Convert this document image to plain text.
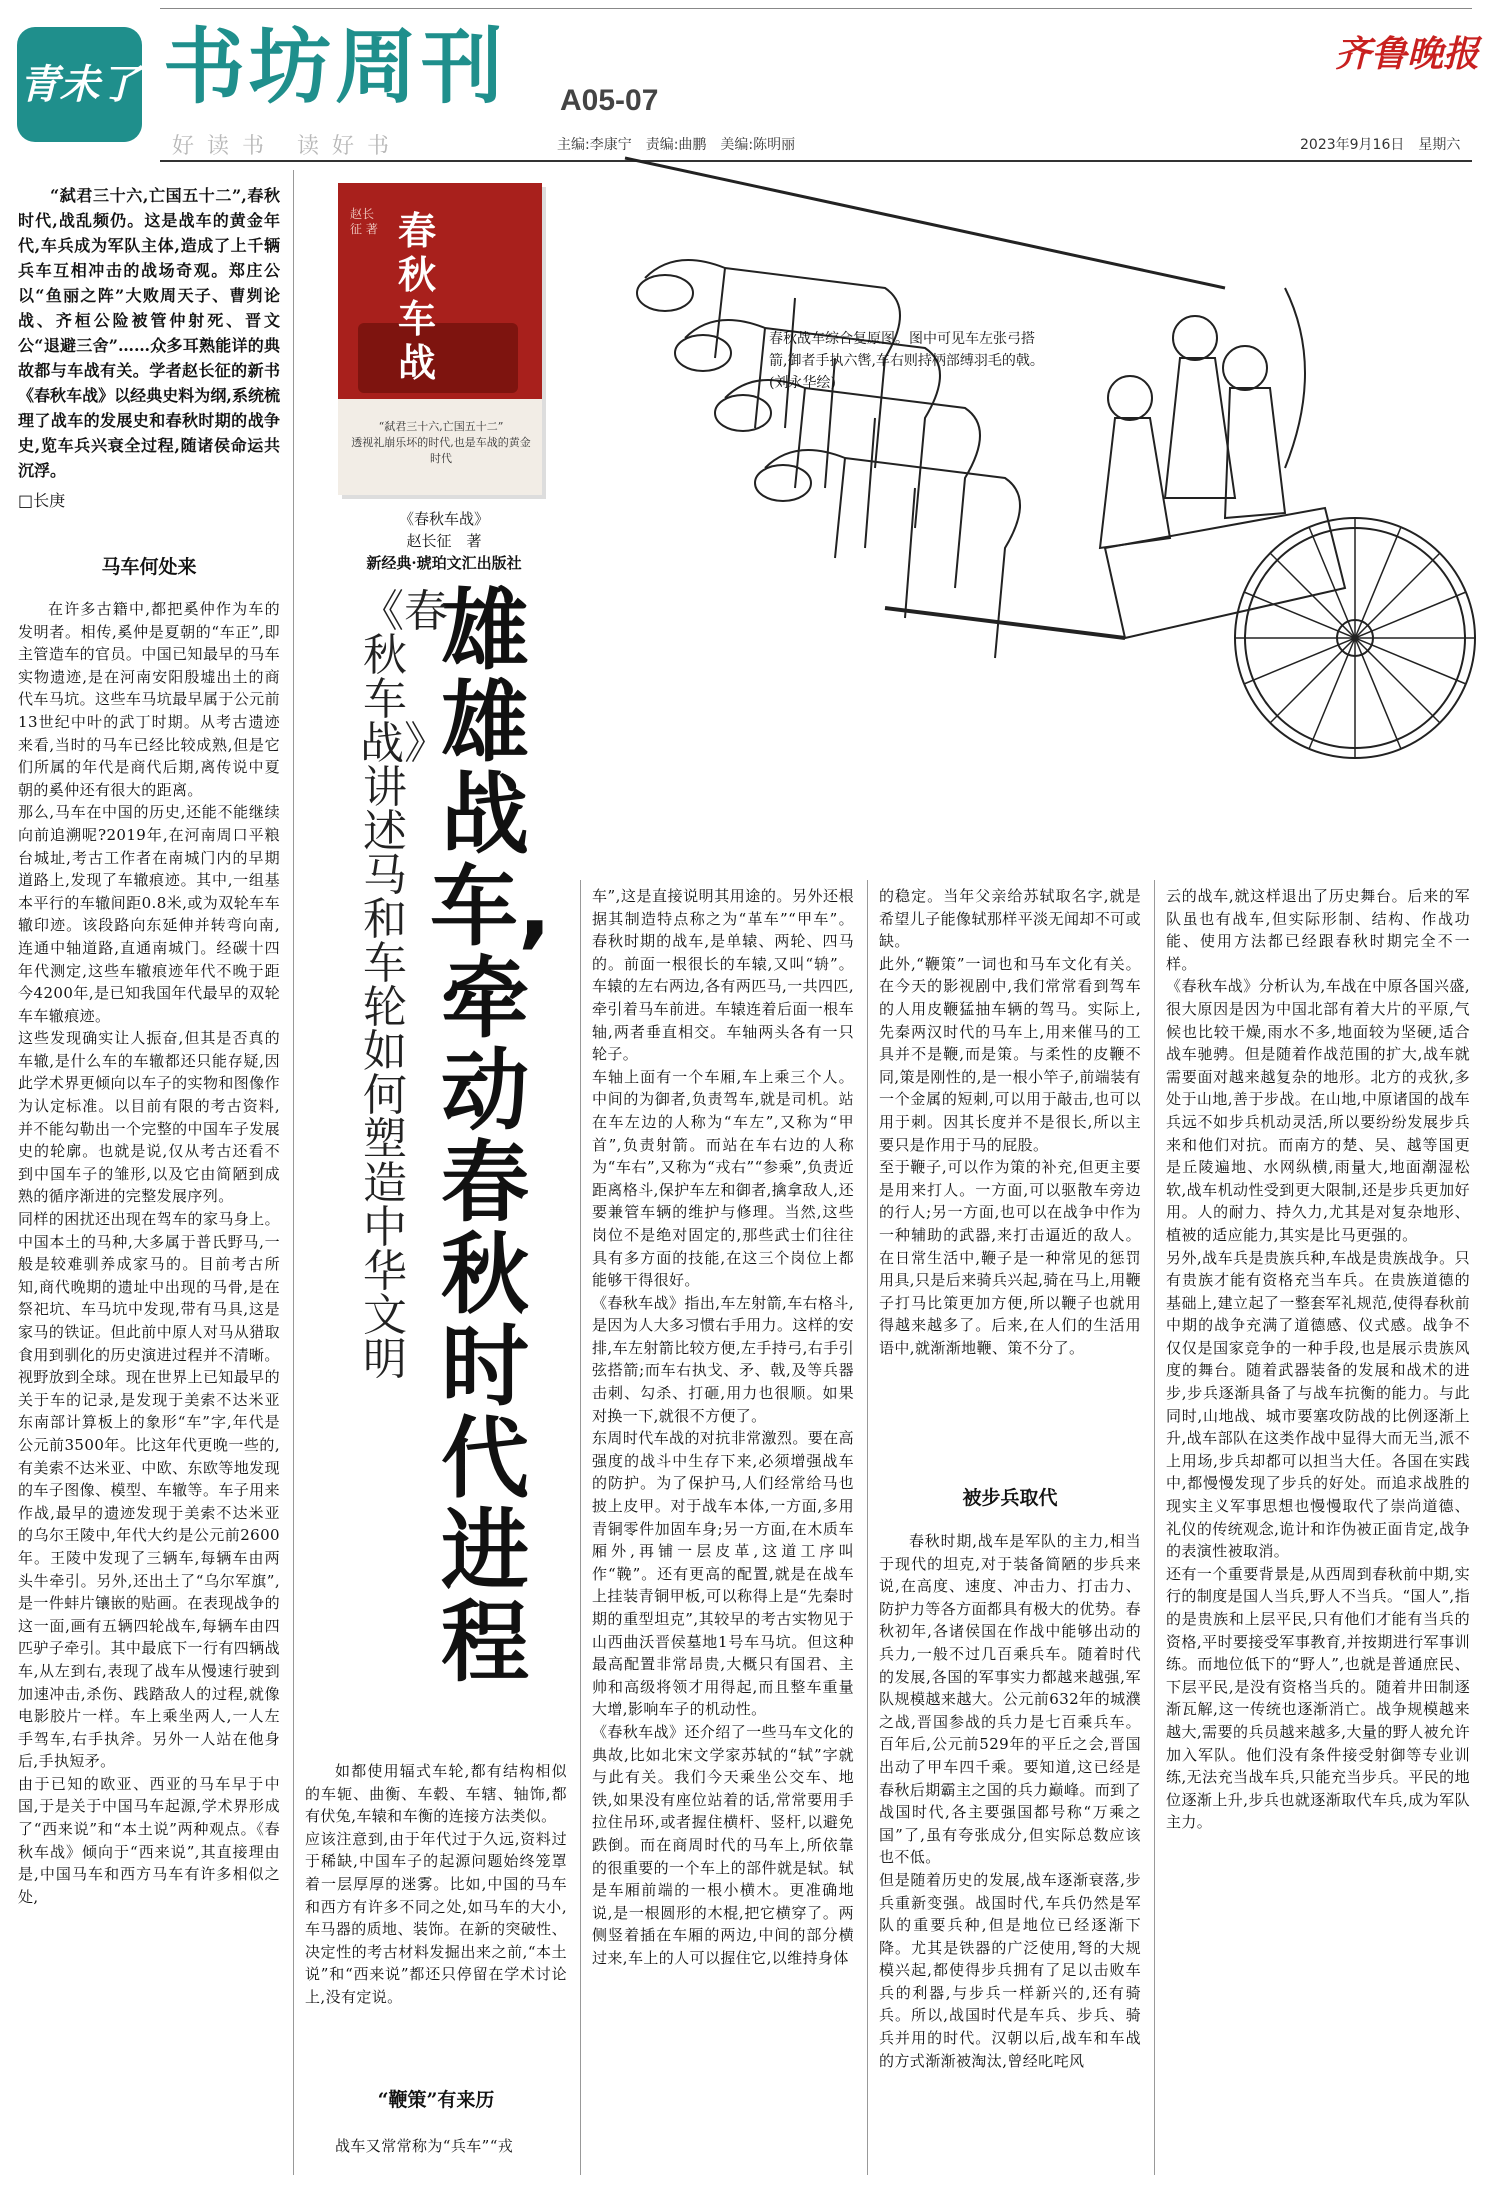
青未了 书坊周刊 A05-07
齐鲁晚报
好读书 读好书	主编:李康宁　责编:曲鹏　美编:陈明丽	2023年9月16日　星期六

“弑君三十六,亡国五十二”,春秋时代,战乱频仍。这是战车的黄金年代,车兵成为军队主体,造成了上千辆兵车互相冲击的战场奇观。郑庄公以“鱼丽之阵”大败周天子、曹刿论战、齐桓公险被管仲射死、晋文公“退避三舍”……众多耳熟能详的典故都与车战有关。学者赵长征的新书《春秋车战》以经典史料为纲,系统梳理了战车的发展史和春秋时期的战争史,览车兵兴衰全过程,随诸侯命运共沉浮。

□长庚
赵长征 著 春秋车战
“弑君三十六,亡国五十二”
透视礼崩乐坏的时代,也是车战的黄金时代
《春秋车战》
赵长征　著
新经典·琥珀文汇出版社
雄雄战车,牵动春秋时代进程
《春秋车战》讲述马和车轮如何塑造中华文明
春秋战车综合复原图。图中可见车左张弓搭箭,御者手执六辔,车右则持柄部缚羽毛的戟。　　　　　(刘永华绘)
马车何处来
在许多古籍中,都把奚仲作为车的发明者。相传,奚仲是夏朝的“车正”,即主管造车的官员。中国已知最早的马车实物遗迹,是在河南安阳殷墟出土的商代车马坑。这些车马坑最早属于公元前13世纪中叶的武丁时期。从考古遗迹来看,当时的马车已经比较成熟,但是它们所属的年代是商代后期,离传说中夏朝的奚仲还有很大的距离。
那么,马车在中国的历史,还能不能继续向前追溯呢?2019年,在河南周口平粮台城址,考古工作者在南城门内的早期道路上,发现了车辙痕迹。其中,一组基本平行的车辙间距0.8米,或为双轮车车辙印迹。该段路向东延伸并转弯向南,连通中轴道路,直通南城门。经碳十四年代测定,这些车辙痕迹年代不晚于距今4200年,是已知我国年代最早的双轮车车辙痕迹。
这些发现确实让人振奋,但其是否真的车辙,是什么车的车辙都还只能存疑,因此学术界更倾向以车子的实物和图像作为认定标准。以目前有限的考古资料,并不能勾勒出一个完整的中国车子发展史的轮廓。也就是说,仅从考古还看不到中国车子的雏形,以及它由简陋到成熟的循序渐进的完整发展序列。
同样的困扰还出现在驾车的家马身上。中国本土的马种,大多属于普氏野马,一般是较难驯养成家马的。目前考古所知,商代晚期的遗址中出现的马骨,是在祭祀坑、车马坑中发现,带有马具,这是家马的铁证。但此前中原人对马从猎取食用到驯化的历史演进过程并不清晰。
视野放到全球。现在世界上已知最早的关于车的记录,是发现于美索不达米亚东南部计算板上的象形“车”字,年代是公元前3500年。比这年代更晚一些的,有美索不达米亚、中欧、东欧等地发现的车子图像、模型、车辙等。车子用来作战,最早的遗迹发现于美索不达米亚的乌尔王陵中,年代大约是公元前2600年。王陵中发现了三辆车,每辆车由两头牛牵引。另外,还出土了“乌尔军旗”,是一件蚌片镶嵌的贴画。在表现战争的这一面,画有五辆四轮战车,每辆车由四匹驴子牵引。其中最底下一行有四辆战车,从左到右,表现了战车从慢速行驶到加速冲击,杀伤、践踏敌人的过程,就像电影胶片一样。车上乘坐两人,一人左手驾车,右手执斧。另外一人站在他身后,手执短矛。
由于已知的欧亚、西亚的马车早于中国,于是关于中国马车起源,学术界形成了“西来说”和“本土说”两种观点。《春秋车战》倾向于“西来说”,其直接理由是,中国马车和西方马车有许多相似之处,
如都使用辐式车轮,都有结构相似的车轭、曲衡、车毂、车辖、轴饰,都有伏兔,车辕和车衡的连接方法类似。
应该注意到,由于年代过于久远,资料过于稀缺,中国车子的起源问题始终笼罩着一层厚厚的迷雾。比如,中国的马车和西方有许多不同之处,如马车的大小,车马器的质地、装饰。在新的突破性、决定性的考古材料发掘出来之前,“本土说”和“西来说”都还只停留在学术讨论上,没有定说。
“鞭策”有来历
战车又常常称为“兵车”“戎
车”,这是直接说明其用途的。另外还根据其制造特点称之为“革车”“甲车”。春秋时期的战车,是单辕、两轮、四马的。前面一根很长的车辕,又叫“辀”。车辕的左右两边,各有两匹马,一共四匹,牵引着马车前进。车辕连着后面一根车轴,两者垂直相交。车轴两头各有一只轮子。
车轴上面有一个车厢,车上乘三个人。中间的为御者,负责驾车,就是司机。站在车左边的人称为“车左”,又称为“甲首”,负责射箭。而站在车右边的人称为“车右”,又称为“戎右”“参乘”,负责近距离格斗,保护车左和御者,擒拿敌人,还要兼管车辆的维护与修理。当然,这些岗位不是绝对固定的,那些武士们往往具有多方面的技能,在这三个岗位上都能够干得很好。
《春秋车战》指出,车左射箭,车右格斗,是因为人大多习惯右手用力。这样的安排,车左射箭比较方便,左手持弓,右手引弦搭箭;而车右执戈、矛、戟,及等兵器击刺、勾杀、打砸,用力也很顺。如果对换一下,就很不方便了。
东周时代车战的对抗非常激烈。要在高强度的战斗中生存下来,必须增强战车的防护。为了保护马,人们经常给马也披上皮甲。对于战车本体,一方面,多用青铜零件加固车身;另一方面,在木质车厢外,再铺一层皮革,这道工序叫作“鞔”。还有更高的配置,就是在战车上挂装青铜甲板,可以称得上是“先秦时期的重型坦克”,其较早的考古实物见于山西曲沃晋侯墓地1号车马坑。但这种最高配置非常昂贵,大概只有国君、主帅和高级将领才用得起,而且整车重量大增,影响车子的机动性。
《春秋车战》还介绍了一些马车文化的典故,比如北宋文学家苏轼的“轼”字就与此有关。我们今天乘坐公交车、地铁,如果没有座位站着的话,常常要用手拉住吊环,或者握住横杆、竖杆,以避免跌倒。而在商周时代的马车上,所依靠的很重要的一个车上的部件就是轼。轼是车厢前端的一根小横木。更准确地说,是一根圆形的木棍,把它横穿了。两侧竖着插在车厢的两边,中间的部分横过来,车上的人可以握住它,以维持身体
的稳定。当年父亲给苏轼取名字,就是希望儿子能像轼那样平淡无闻却不可或缺。
此外,“鞭策”一词也和马车文化有关。在今天的影视剧中,我们常常看到驾车的人用皮鞭猛抽车辆的驾马。实际上,先秦两汉时代的马车上,用来催马的工具并不是鞭,而是策。与柔性的皮鞭不同,策是刚性的,是一根小竿子,前端装有一个金属的短刺,可以用于敲击,也可以用于刺。因其长度并不是很长,所以主要只是作用于马的屁股。
至于鞭子,可以作为策的补充,但更主要是用来打人。一方面,可以驱散车旁边的行人;另一方面,也可以在战争中作为一种辅助的武器,来打击逼近的敌人。在日常生活中,鞭子是一种常见的惩罚用具,只是后来骑兵兴起,骑在马上,用鞭子打马比策更加方便,所以鞭子也就用得越来越多了。后来,在人们的生活用语中,就渐渐地鞭、策不分了。
被步兵取代
春秋时期,战车是军队的主力,相当于现代的坦克,对于装备简陋的步兵来说,在高度、速度、冲击力、打击力、防护力等各方面都具有极大的优势。春秋初年,各诸侯国在作战中能够出动的兵力,一般不过几百乘兵车。随着时代的发展,各国的军事实力都越来越强,军队规模越来越大。公元前632年的城濮之战,晋国参战的兵力是七百乘兵车。百年后,公元前529年的平丘之会,晋国出动了甲车四千乘。要知道,这已经是春秋后期霸主之国的兵力巅峰。而到了战国时代,各主要强国都号称“万乘之国”了,虽有夸张成分,但实际总数应该也不低。
但是随着历史的发展,战车逐渐衰落,步兵重新变强。战国时代,车兵仍然是军队的重要兵种,但是地位已经逐渐下降。尤其是铁器的广泛使用,弩的大规模兴起,都使得步兵拥有了足以击败车兵的利器,与步兵一样新兴的,还有骑兵。所以,战国时代是车兵、步兵、骑兵并用的时代。汉朝以后,战车和车战的方式渐渐被淘汰,曾经叱咤风
云的战车,就这样退出了历史舞台。后来的军队虽也有战车,但实际形制、结构、作战功能、使用方法都已经跟春秋时期完全不一样。
《春秋车战》分析认为,车战在中原各国兴盛,很大原因是因为中国北部有着大片的平原,气候也比较干燥,雨水不多,地面较为坚硬,适合战车驰骋。但是随着作战范围的扩大,战车就需要面对越来越复杂的地形。北方的戎狄,多处于山地,善于步战。在山地,中原诸国的战车兵远不如步兵机动灵活,所以要纷纷发展步兵来和他们对抗。而南方的楚、吴、越等国更是丘陵遍地、水网纵横,雨量大,地面潮湿松软,战车机动性受到更大限制,还是步兵更加好用。人的耐力、持久力,尤其是对复杂地形、植被的适应能力,其实是比马更强的。
另外,战车兵是贵族兵种,车战是贵族战争。只有贵族才能有资格充当车兵。在贵族道德的基础上,建立起了一整套军礼规范,使得春秋前中期的战争充满了道德感、仪式感。战争不仅仅是国家竞争的一种手段,也是展示贵族风度的舞台。随着武器装备的发展和战术的进步,步兵逐渐具备了与战车抗衡的能力。与此同时,山地战、城市要塞攻防战的比例逐渐上升,战车部队在这类作战中显得大而无当,派不上用场,步兵却都可以担当大任。各国在实践中,都慢慢发现了步兵的好处。而追求战胜的现实主义军事思想也慢慢取代了崇尚道德、礼仪的传统观念,诡计和诈伪被正面肯定,战争的表演性被取消。
还有一个重要背景是,从西周到春秋前中期,实行的制度是国人当兵,野人不当兵。“国人”,指的是贵族和上层平民,只有他们才能有当兵的资格,平时要接受军事教育,并按期进行军事训练。而地位低下的“野人”,也就是普通庶民、下层平民,是没有资格当兵的。随着井田制逐渐瓦解,这一传统也逐渐消亡。战争规模越来越大,需要的兵员越来越多,大量的野人被允许加入军队。他们没有条件接受射御等专业训练,无法充当战车兵,只能充当步兵。平民的地位逐渐上升,步兵也就逐渐取代车兵,成为军队主力。
